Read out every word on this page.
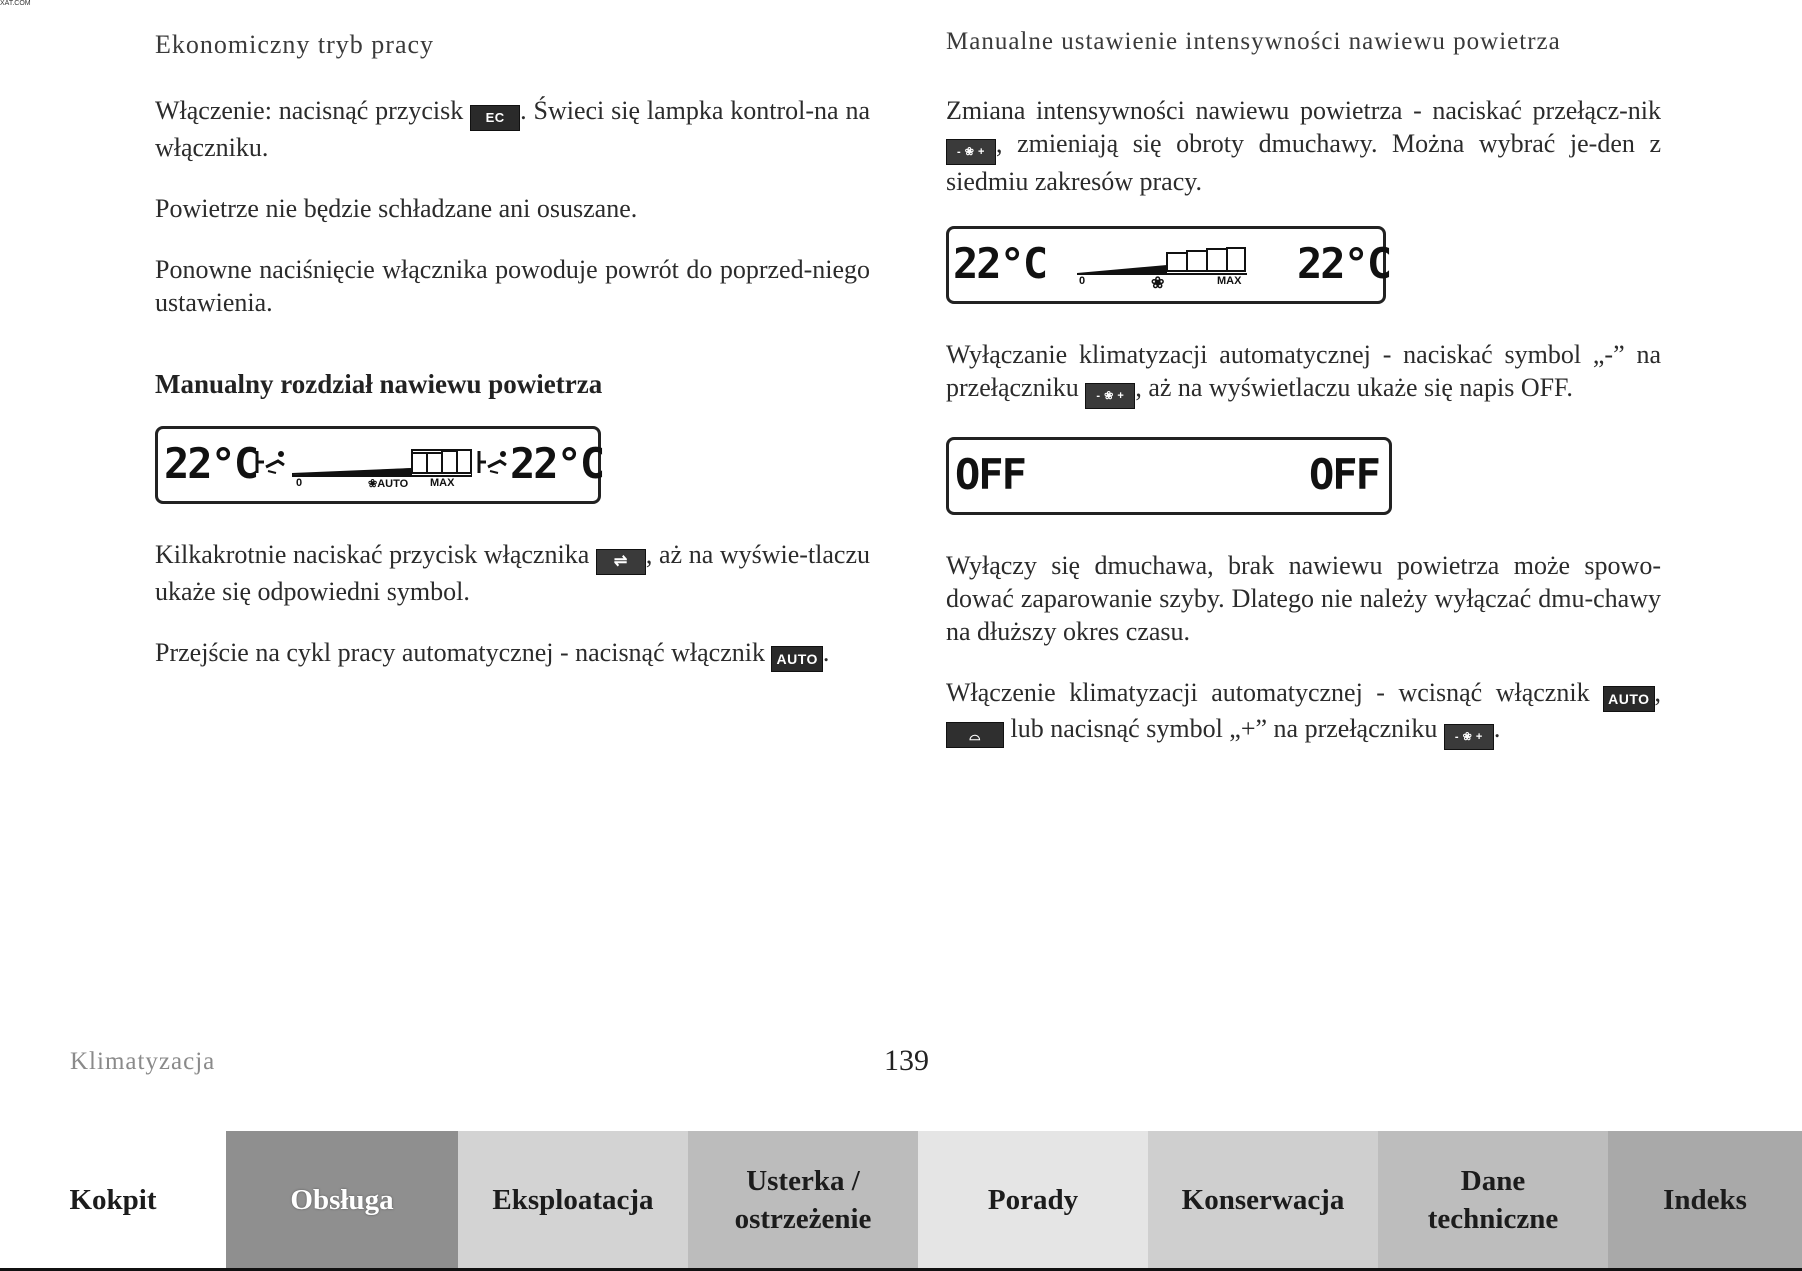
XAT.COM
Ekonomiczny tryb pracy
Włączenie: nacisnąć przycisk EC . Świeci się lampka kontrol-na na włączniku.
Powietrze nie będzie schładzane ani osuszane.
Ponowne naciśnięcie włącznika powoduje powrót do poprzed-niego ustawienia.
Manualny rozdział nawiewu powietrza
22°C	0	❀AUTO MAX 22°C
Kilkakrotnie naciskać przycisk włącznika ⇌ , aż na wyświe-tlaczu ukaże się odpowiedni symbol.
Przejście na cykl pracy automatycznej - nacisnąć włącznik AUTO .
Manualne ustawienie intensywności nawiewu powietrza
Zmiana intensywności nawiewu powietrza - naciskać przełącz-nik - ❀ + , zmieniają się obroty dmuchawy. Można wybrać je-den z siedmiu zakresów pracy.
22°C	0	❀	MAX 22°C
Wyłączanie klimatyzacji automatycznej - naciskać symbol „-” na przełączniku - ❀ + , aż na wyświetlaczu ukaże się napis OFF.
OFF	OFF
Wyłączy się dmuchawa, brak nawiewu powietrza może spowo-dować zaparowanie szyby. Dlatego nie należy wyłączać dmu-chawy na dłuższy okres czasu.
Włączenie klimatyzacji automatycznej - wcisnąć włącznik AUTO , ⌓ lub nacisnąć symbol „+” na przełączniku - ❀ + .
Klimatyzacja	139
Kokpit	Obsługa	Eksploatacja
Usterka /
ostrzeżenie
Porady	Konserwacja
Dane
techniczne
Indeks
